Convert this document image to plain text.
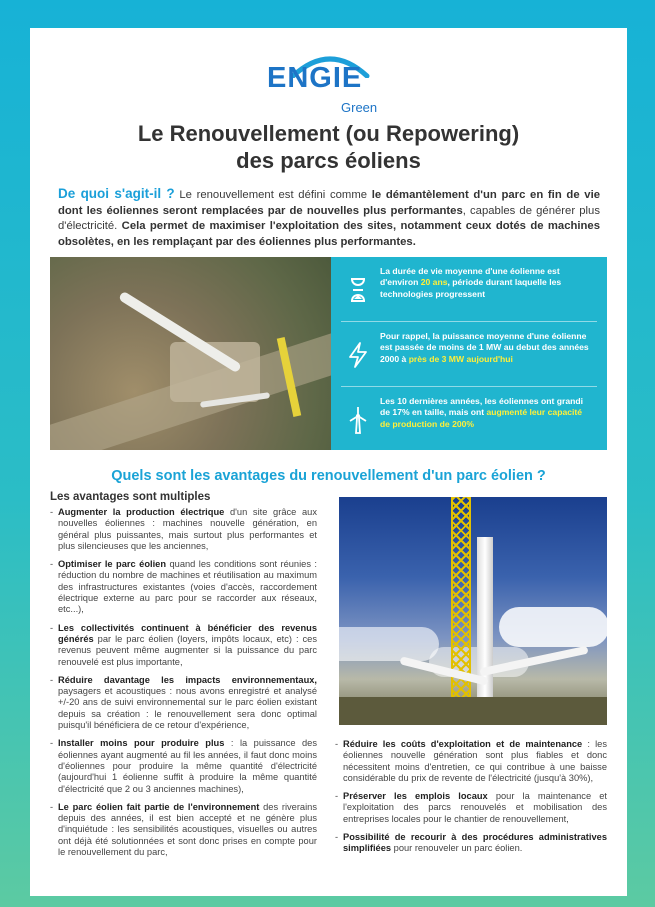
ENGIE
Green
Le Renouvellement (ou Repowering)
des parcs éoliens
De quoi s'agit-il ? Le renouvellement est défini comme le démantèlement d'un parc en fin de vie dont les éoliennes seront remplacées par de nouvelles plus performantes, capables de générer plus d'électricité. Cela permet de maximiser l'exploitation des sites, notamment ceux dotés de machines obsolètes, en les remplaçant par des éoliennes plus performantes.
La durée de vie moyenne d'une éolienne est d'environ 20 ans, période durant laquelle les technologies progressent
Pour rappel, la puissance moyenne d'une éolienne est passée de moins de 1 MW au debut des années 2000 à près de 3 MW aujourd'hui
Les 10 dernières années, les éoliennes ont grandi de 17% en taille, mais ont augmenté leur capacité de production de 200%
Quels sont les avantages du renouvellement d'un parc éolien ?
Les avantages sont multiples
- Augmenter la production électrique d'un site grâce aux nouvelles éoliennes : machines nouvelle génération, en général plus puissantes, mais surtout plus performantes et plus silencieuses que les anciennes,
- Optimiser le parc éolien quand les conditions sont réunies : réduction du nombre de machines et réutilisation au maximum des infrastructures existantes (voies d'accès, raccordement électrique externe au parc pour se raccorder aux réseaux, etc...),
- Les collectivités continuent à bénéficier des revenus générés par le parc éolien (loyers, impôts locaux, etc) : ces revenus peuvent même augmenter si la puissance du parc renouvelé est plus importante,
- Réduire davantage les impacts environnementaux, paysagers et acoustiques : nous avons enregistré et analysé +/-20 ans de suivi environnemental sur le parc éolien existant depuis sa création : le renouvellement sera donc optimal puisqu'il bénéficiera de ce retour d'expérience,
- Installer moins pour produire plus : la puissance des éoliennes ayant augmenté au fil les années, il faut donc moins d'éoliennes pour produire la même quantité d'électricité (aujourd'hui 1 éolienne suffit à produire la même quantité d'électricité que 2 ou 3 anciennes machines),
- Le parc éolien fait partie de l'environnement des riverains depuis des années, il est bien accepté et ne génère plus d'inquiétude : les sensibilités acoustiques, visuelles ou autres ont déjà été solutionnées et sont donc prises en compte pour le renouvellement du parc,
- Réduire les coûts d'exploitation et de maintenance : les éoliennes nouvelle génération sont plus fiables et donc nécessitent moins d'entretien, ce qui contribue à une baisse considérable du prix de revente de l'électricité (jusqu'à 30%),
- Préserver les emplois locaux pour la maintenance et l'exploitation des parcs renouvelés et mobilisation des entreprises locales pour le chantier de renouvellement,
- Possibilité de recourir à des procédures administratives simplifiées pour renouveler un parc éolien.
